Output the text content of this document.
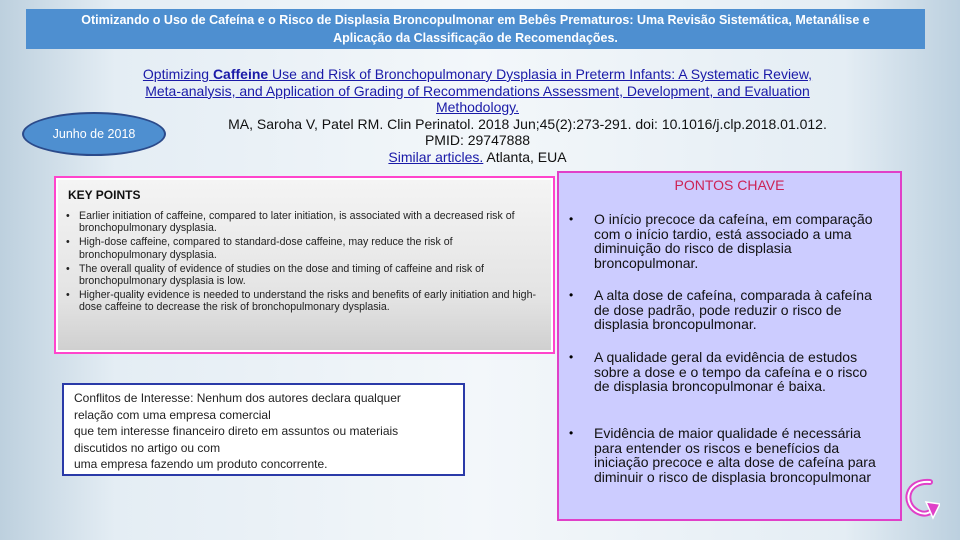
Otimizando o Uso de Cafeína e o Risco de Displasia Broncopulmonar em Bebês Prematuros: Uma Revisão Sistemática, Metanálise e
Aplicação da Classificação de Recomendações.
Optimizing Caffeine Use and Risk of Bronchopulmonary Dysplasia in Preterm Infants: A Systematic Review,
Meta-analysis, and Application of Grading of Recommendations Assessment, Development, and Evaluation
Methodology.
MA, Saroha V, Patel RM. Clin Perinatol. 2018 Jun;45(2):273-291. doi: 10.1016/j.clp.2018.01.012.
PMID: 29747888
Similar articles. Atlanta, EUA
Junho de 2018
KEY POINTS
• Earlier initiation of caffeine, compared to later initiation, is associated with a decreased risk of bronchopulmonary dysplasia.
• High-dose caffeine, compared to standard-dose caffeine, may reduce the risk of bronchopulmonary dysplasia.
• The overall quality of evidence of studies on the dose and timing of caffeine and risk of bronchopulmonary dysplasia is low.
• Higher-quality evidence is needed to understand the risks and benefits of early initiation and high-dose caffeine to decrease the risk of bronchopulmonary dysplasia.
Conflitos de Interesse: Nenhum dos autores declara qualquer
relação com uma empresa comercial
que tem interesse financeiro direto em assuntos ou materiais
discutidos no artigo ou com
uma empresa fazendo um produto concorrente.
PONTOS CHAVE
• O início precoce da cafeína, em comparação com o início tardio, está associado a uma diminuição do risco de displasia broncopulmonar.
• A alta dose de cafeína, comparada à cafeína de dose padrão, pode reduzir o risco de displasia broncopulmonar.
• A qualidade geral da evidência de estudos sobre a dose e o tempo da cafeína e o risco de displasia broncopulmonar é baixa.
• Evidência de maior qualidade é necessária para entender os riscos e benefícios da iniciação precoce e alta dose de cafeína para diminuir o risco de displasia broncopulmonar
